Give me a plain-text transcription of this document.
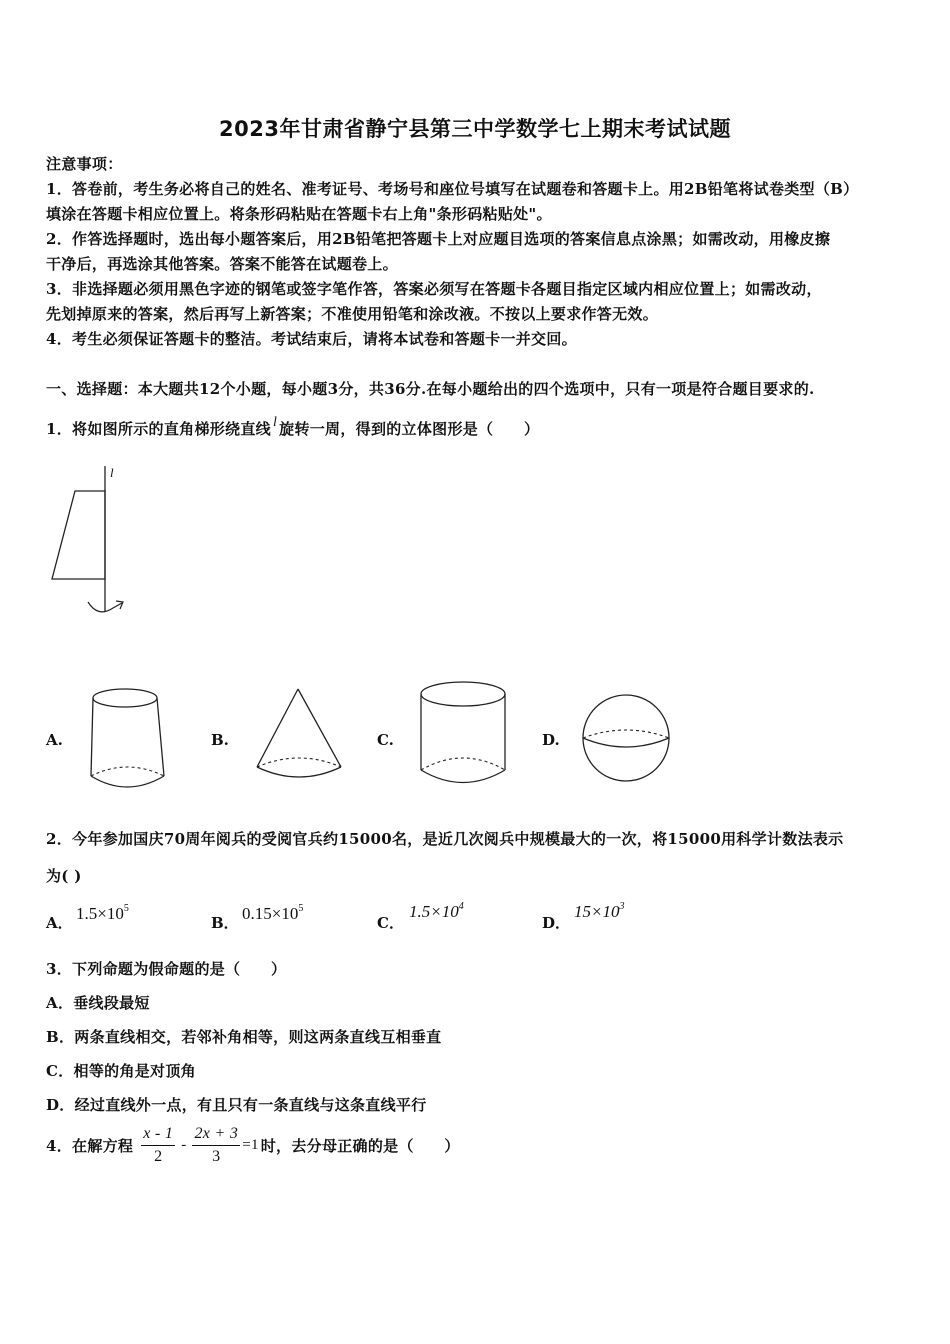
2023年甘肃省静宁县第三中学数学七上期末考试试题
注意事项：
1．答卷前，考生务必将自己的姓名、准考证号、考场号和座位号填写在试题卷和答题卡上。用2B铅笔将试卷类型（B）
填涂在答题卡相应位置上。将条形码粘贴在答题卡右上角"条形码粘贴处"。
2．作答选择题时，选出每小题答案后，用2B铅笔把答题卡上对应题目选项的答案信息点涂黑；如需改动，用橡皮擦
干净后，再选涂其他答案。答案不能答在试题卷上。
3．非选择题必须用黑色字迹的钢笔或签字笔作答，答案必须写在答题卡各题目指定区域内相应位置上；如需改动，
先划掉原来的答案，然后再写上新答案；不准使用铅笔和涂改液。不按以上要求作答无效。
4．考生必须保证答题卡的整洁。考试结束后，请将本试卷和答题卡一并交回。
一、选择题：本大题共12个小题，每小题3分，共36分.在每小题给出的四个选项中，只有一项是符合题目要求的.
1．将如图所示的直角梯形绕直线 l 旋转一周，得到的立体图形是（　　）
l
A.	B.	C.	D.
2．今年参加国庆70周年阅兵的受阅官兵约15000名，是近几次阅兵中规模最大的一次，将15000用科学计数法表示
为( )
A． $1.5\times 10^5$
B． $0.15\times 10^5$
C．
$1.5\times 10^4$
D．
$15\times 10^3$
3．下列命题为假命题的是（　　）
A．垂线段最短
B．两条直线相交，若邻补角相等，则这两条直线互相垂直
C．相等的角是对顶角
D．经过直线外一点，有且只有一条直线与这条直线平行
4．在解方程 $\frac{x - 1}{2} - \frac{2x + 3}{3} =1$ 时，去分母正确的是（　　）
